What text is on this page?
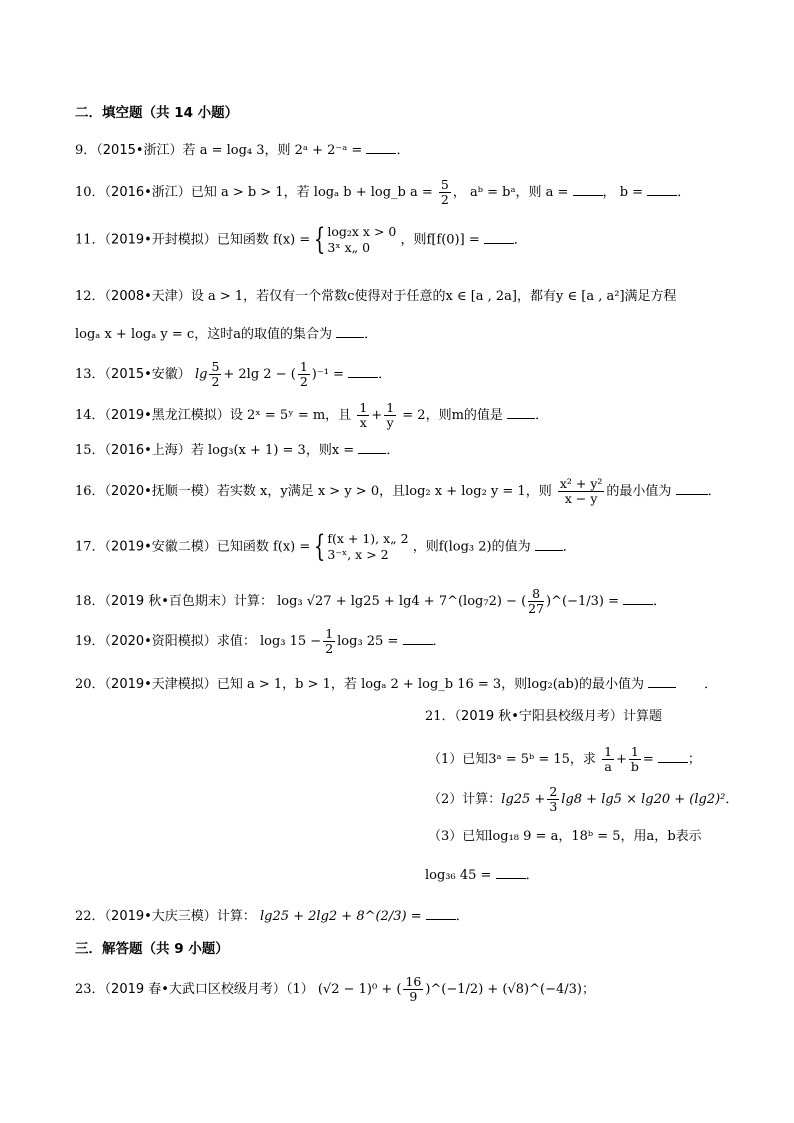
二．填空题（共 14 小题）
9．（2015•浙江）若 a = log₄ 3，则 2ᵃ + 2⁻ᵃ =	．
10．（2016•浙江）已知 a > b > 1，若 logₐ b + log_b $a = \frac{5}{2}$ ， aᵇ = bᵃ，则 a =	， b =	．
11．（2019•开封模拟）已知函数 f(x) = { log₂x x > 0
3ˣ x„ 0	，则f[f(0)] =	．
12．（2008•天津）设 a > 1，若仅有一个常数c使得对于任意的x ∈ [a , 2a]，都有y ∈ [a , a²]满足方程
logₐ x + logₐ y = c，这时a的取值的集合为 ．
13．（2015•安徽） $\lg \frac{5}{2} + 2\lg$ 2 − ( $\frac{1}{2} )^{-1}$ =	．
14．（2019•黑龙江模拟）设 2ˣ = 5ʸ = m，且 $\frac{1}{x} + \frac{1}{y} = 2$，则m的值是 ．
15．（2016•上海）若 log₃(x + 1) = 3，则x = ．
16．（2020•抚顺一模）若实数 x，y满足 x > y > 0，且log₂ x + log₂ y = 1，则 $\frac{\text{x² + y²}}{x - y}$ 的最小值为	．
17．（2019•安徽二模）已知函数 f(x) = { f(x + 1), x„ 2
3⁻ˣ, x > 2	，则f(log₃ 2)的值为 ．
18．（2019 秋•百色期末）计算： log₃ √27 + lg25 + lg4 + 7^(log₇2) − ( $\frac{8}{27}$ )^(−1/3) =	．
19．（2020•资阳模拟）求值： log₃ $15 - \frac{1}{2} \log_3$ 25 =	．
20．（2019•天津模拟）已知 a > 1，b > 1，若 logₐ 2 + log_b 16 = 3，则log₂(ab)的最小值为	．
21．（2019 秋•宁阳县校级月考）计算题
（1）已知3ᵃ = 5ᵇ = 15，求 $\frac{1}{a} + \frac{1}{b}$ =	；
（2）计算：$\lg 25 + \frac{2}{3} \lg 8 + \lg 5 \times \lg 20 + (\lg 2)^2$．
（3）已知log₁₈ 9 = a，18ᵇ = 5，用a，b表示
log₃₆ 45 =	．
22．（2019•大庆三模）计算： lg25 + 2lg2 + 8^(2/3) =	．
三．解答题（共 9 小题）
23．（2019 春•大武口区校级月考）（1） (√2 − 1)⁰ + ( $\frac{16}{9}$ )^(−1/2) + (√8)^(−4/3)；
